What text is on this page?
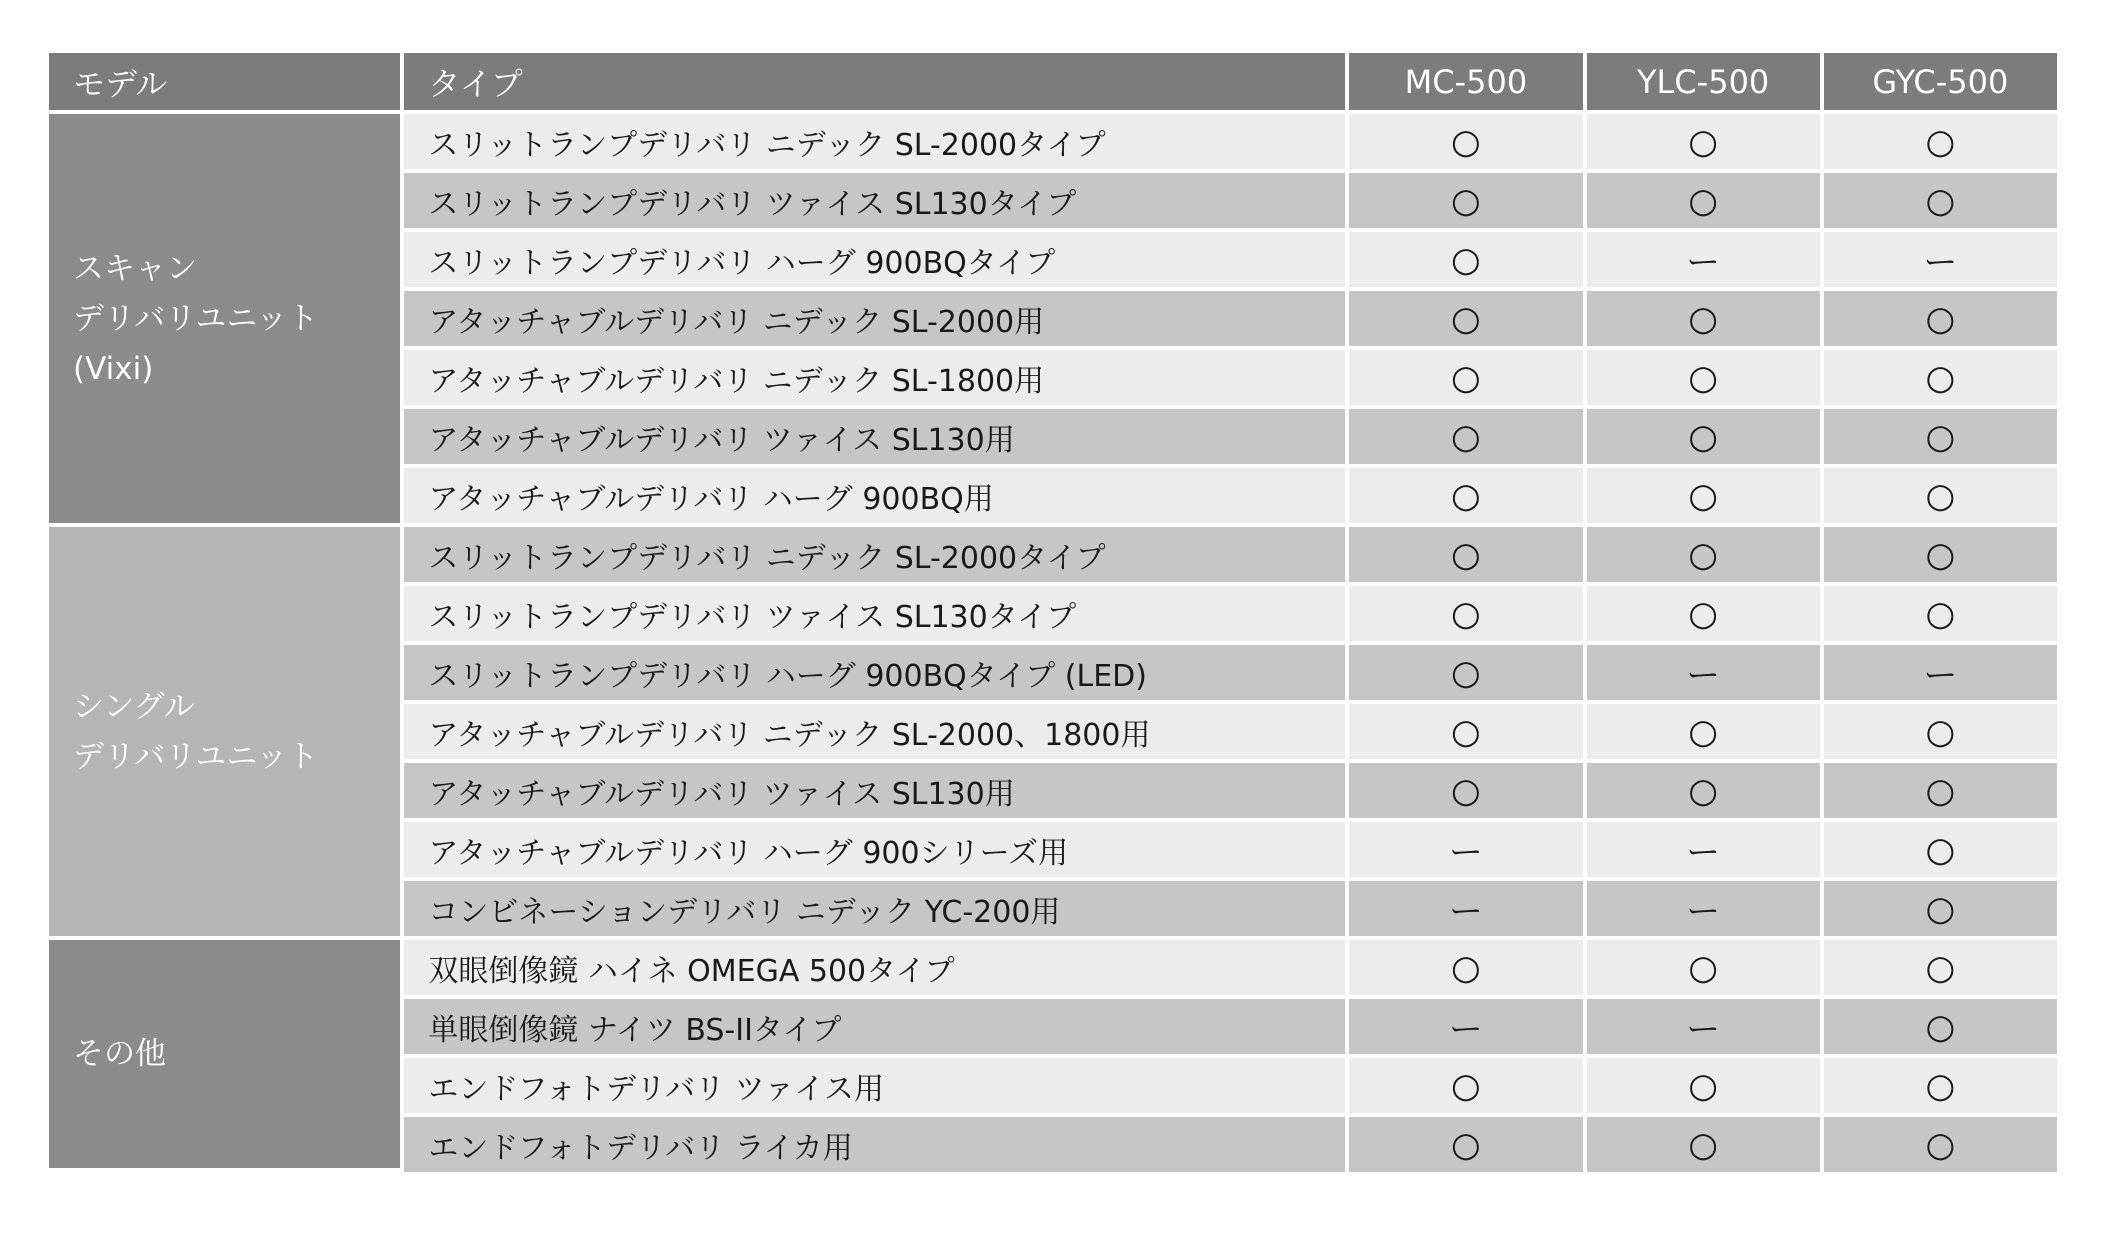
モデル	タイプ	MC-500	YLC-500	GYC-500

スキャン
デリバリユニット
(Vixi)	スリットランプデリバリ ニデック SL-2000タイプ	○	○	○
	スリットランプデリバリ ツァイス SL130タイプ	○	○	○
	スリットランプデリバリ ハーグ 900BQタイプ	○	ー	ー
	アタッチャブルデリバリ ニデック SL-2000用	○	○	○
	アタッチャブルデリバリ ニデック SL-1800用	○	○	○
	アタッチャブルデリバリ ツァイス SL130用	○	○	○
	アタッチャブルデリバリ ハーグ 900BQ用	○	○	○

シングル
デリバリユニット	スリットランプデリバリ ニデック SL-2000タイプ	○	○	○
	スリットランプデリバリ ツァイス SL130タイプ	○	○	○
	スリットランプデリバリ ハーグ 900BQタイプ (LED)	○	ー	ー
	アタッチャブルデリバリ ニデック SL-2000、1800用	○	○	○
	アタッチャブルデリバリ ツァイス SL130用	○	○	○
	アタッチャブルデリバリ ハーグ 900シリーズ用	ー	ー	○
	コンビネーションデリバリ ニデック YC-200用	ー	ー	○

その他	双眼倒像鏡 ハイネ OMEGA 500タイプ	○	○	○
	単眼倒像鏡 ナイツ BS-IIタイプ	ー	ー	○
	エンドフォトデリバリ ツァイス用	○	○	○
	エンドフォトデリバリ ライカ用	○	○	○
